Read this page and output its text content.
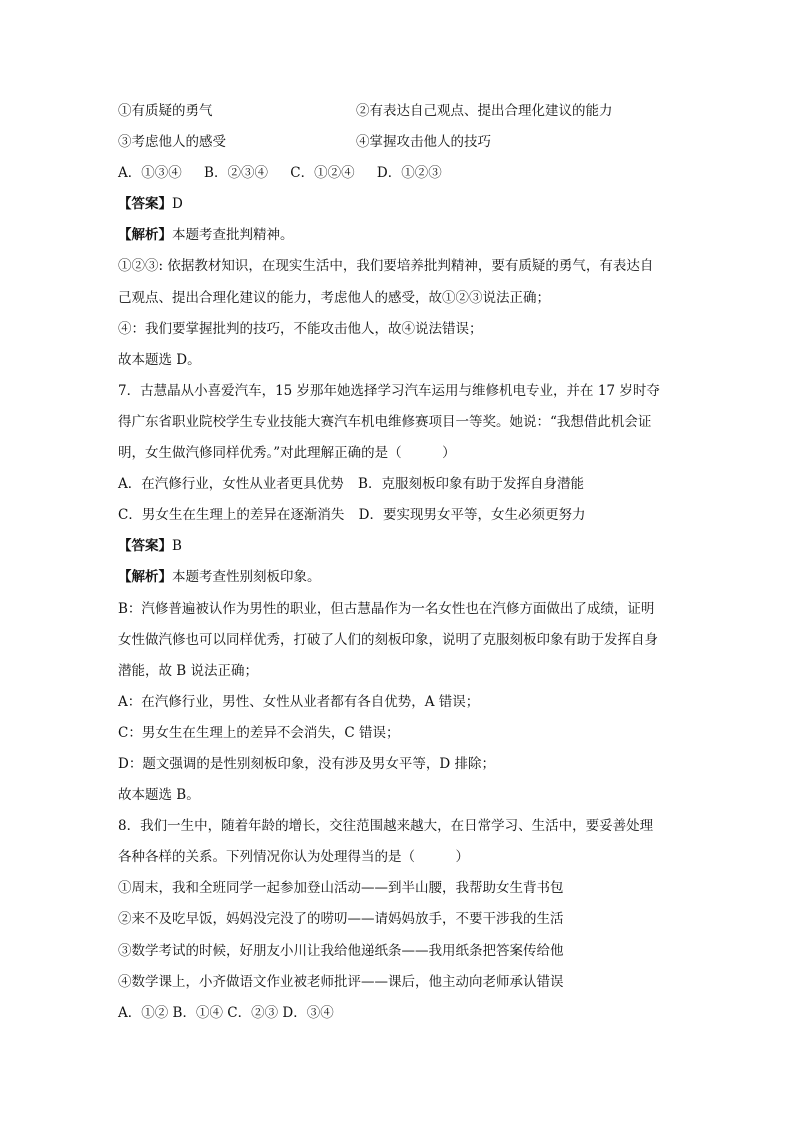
①有质疑的勇气	②有表达自己观点、提出合理化建议的能力
③考虑他人的感受	④掌握攻击他人的技巧
A．①③④ B．②③④ C．①②④ D．①②③
【答案】D
【解析】本题考查批判精神。
①②③: 依据教材知识，在现实生活中，我们要培养批判精神，要有质疑的勇气，有表达自
己观点、提出合理化建议的能力，考虑他人的感受，故①②③说法正确；
④：我们要掌握批判的技巧，不能攻击他人，故④说法错误；
故本题选 D。
7．古慧晶从小喜爱汽车，15 岁那年她选择学习汽车运用与维修机电专业，并在 17 岁时夺
得广东省职业院校学生专业技能大赛汽车机电维修赛项目一等奖。她说：“我想借此机会证
明，女生做汽修同样优秀。”对此理解正确的是（　　　）
A．在汽修行业，女性从业者更具优势 B．克服刻板印象有助于发挥自身潜能
C．男女生在生理上的差异在逐渐消失 D．要实现男女平等，女生必须更努力
【答案】B
【解析】本题考查性别刻板印象。
B：汽修普遍被认作为男性的职业，但古慧晶作为一名女性也在汽修方面做出了成绩，证明
女性做汽修也可以同样优秀，打破了人们的刻板印象，说明了克服刻板印象有助于发挥自身
潜能，故 B 说法正确；
A：在汽修行业，男性、女性从业者都有各自优势，A 错误；
C：男女生在生理上的差异不会消失，C 错误；
D：题文强调的是性别刻板印象，没有涉及男女平等，D 排除；
故本题选 B。
8．我们一生中，随着年龄的增长，交往范围越来越大，在日常学习、生活中，要妥善处理
各种各样的关系。下列情况你认为处理得当的是（　　　）
①周末，我和全班同学一起参加登山活动——到半山腰，我帮助女生背书包
②来不及吃早饭，妈妈没完没了的唠叨——请妈妈放手，不要干涉我的生活
③数学考试的时候，好朋友小川让我给他递纸条——我用纸条把答案传给他
④数学课上，小齐做语文作业被老师批评——课后，他主动向老师承认错误
A．①② B．①④ C．②③ D．③④
